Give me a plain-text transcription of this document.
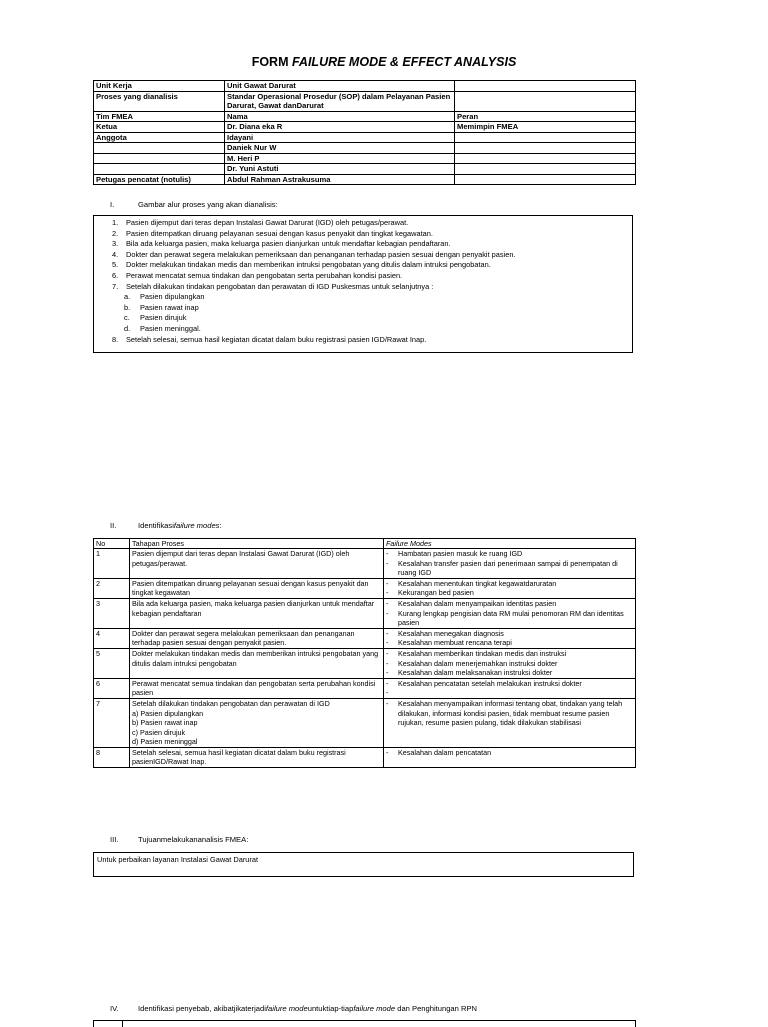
FORM FAILURE MODE & EFFECT ANALYSIS
Unit Kerja	Unit Gawat Darurat	
Proses yang dianalisis	Standar Operasional Prosedur (SOP) dalam Pelayanan Pasien Darurat, Gawat danDarurat	
Tim FMEA	Nama	Peran
Ketua	Dr. Diana eka R	Memimpin FMEA
Anggota	Idayani	
	Daniek Nur W	
	M. Heri P	
	Dr. Yuni Astuti	
Petugas pencatat (notulis)	Abdul Rahman Astrakusuma	
I.	Gambar alur proses yang akan dianalisis:
1. Pasien dijemput dari teras depan Instalasi Gawat Darurat (IGD) oleh petugas/perawat.
2. Pasien ditempatkan diruang pelayanan sesuai dengan kasus penyakit dan tingkat kegawatan.
3. Bila ada keluarga pasien, maka keluarga pasien dianjurkan untuk mendaftar kebagian pendaftaran.
4. Dokter dan perawat segera melakukan pemeriksaan dan penanganan terhadap pasien sesuai dengan penyakit pasien.
5. Dokter melakukan tindakan medis dan memberikan intruksi pengobatan yang ditulis dalam intruksi pengobatan.
6. Perawat mencatat semua tindakan dan pengobatan serta perubahan kondisi pasien.
7. Setelah dilakukan tindakan pengobatan dan perawatan di IGD Puskesmas untuk selanjutnya :
a. Pasien dipulangkan
b. Pasien rawat inap
c. Pasien dirujuk
d. Pasien meninggal.
8. Setelah selesai, semua hasil kegiatan dicatat dalam buku registrasi pasien IGD/Rawat Inap.
II.	Identifikasifailure modes:
No	Tahapan Proses	Failure Modes
1	Pasien dijemput dari teras depan Instalasi Gawat Darurat (IGD) oleh petugas/perawat.	- Hambatan pasien masuk ke ruang IGD
- Kesalahan transfer pasien dari penerimaan sampai di penempatan di ruang IGD

2	Pasien ditempatkan diruang pelayanan sesuai dengan kasus penyakit dan tingkat kegawatan	- Kesalahan menentukan tingkat kegawatdaruratan
- Kekurangan bed pasien

3	Bila ada keluarga pasien, maka keluarga pasien dianjurkan untuk mendaftar kebagian pendaftaran	- Kesalahan dalam menyampaikan identitas pasien
- Kurang lengkap pengisian data RM mulai penomoran RM dan identitas pasien

4	Dokter dan perawat segera melakukan pemeriksaan dan penanganan terhadap pasien sesuai dengan penyakit pasien.	- Kesalahan menegakan diagnosis
- Kesalahan membuat rencana terapi

5	Dokter melakukan tindakan medis dan memberikan intruksi pengobatan yang ditulis dalam intruksi pengobatan	- Kesalahan memberikan tindakan medis dan instruksi
- Kesalahan dalam menerjemahkan instruksi dokter
- Kesalahan dalam melaksanakan instruksi dokter

6	Perawat mencatat semua tindakan dan pengobatan serta perubahan kondisi pasien	- Kesalahan pencatatan setelah melakukan instruksi dokter
-

7	Setelah dilakukan tindakan pengobatan dan perawatan di IGD
a) Pasien dipulangkan
b) Pasien rawat inap
c) Pasien dirujuk
d) Pasien meninggal	- Kesalahan menyampaikan informasi tentang obat, tindakan yang telah dilakukan, informasi kondisi pasien, tidak membuat resume pasien rujukan, resume pasien pulang, tidak dilakukan stabilisasi

8	Setelah selesai, semua hasil kegiatan dicatat dalam buku registrasi pasienIGD/Rawat Inap.	- Kesalahan dalam pencatatan
III.	Tujuanmelakukananalisis FMEA:
Untuk perbaikan layanan Instalasi Gawat Darurat
IV.	Identifikasi penyebab, akibatjikaterjadifailure modeuntuktiap-tiapfailure mode dan Penghitungan RPN
